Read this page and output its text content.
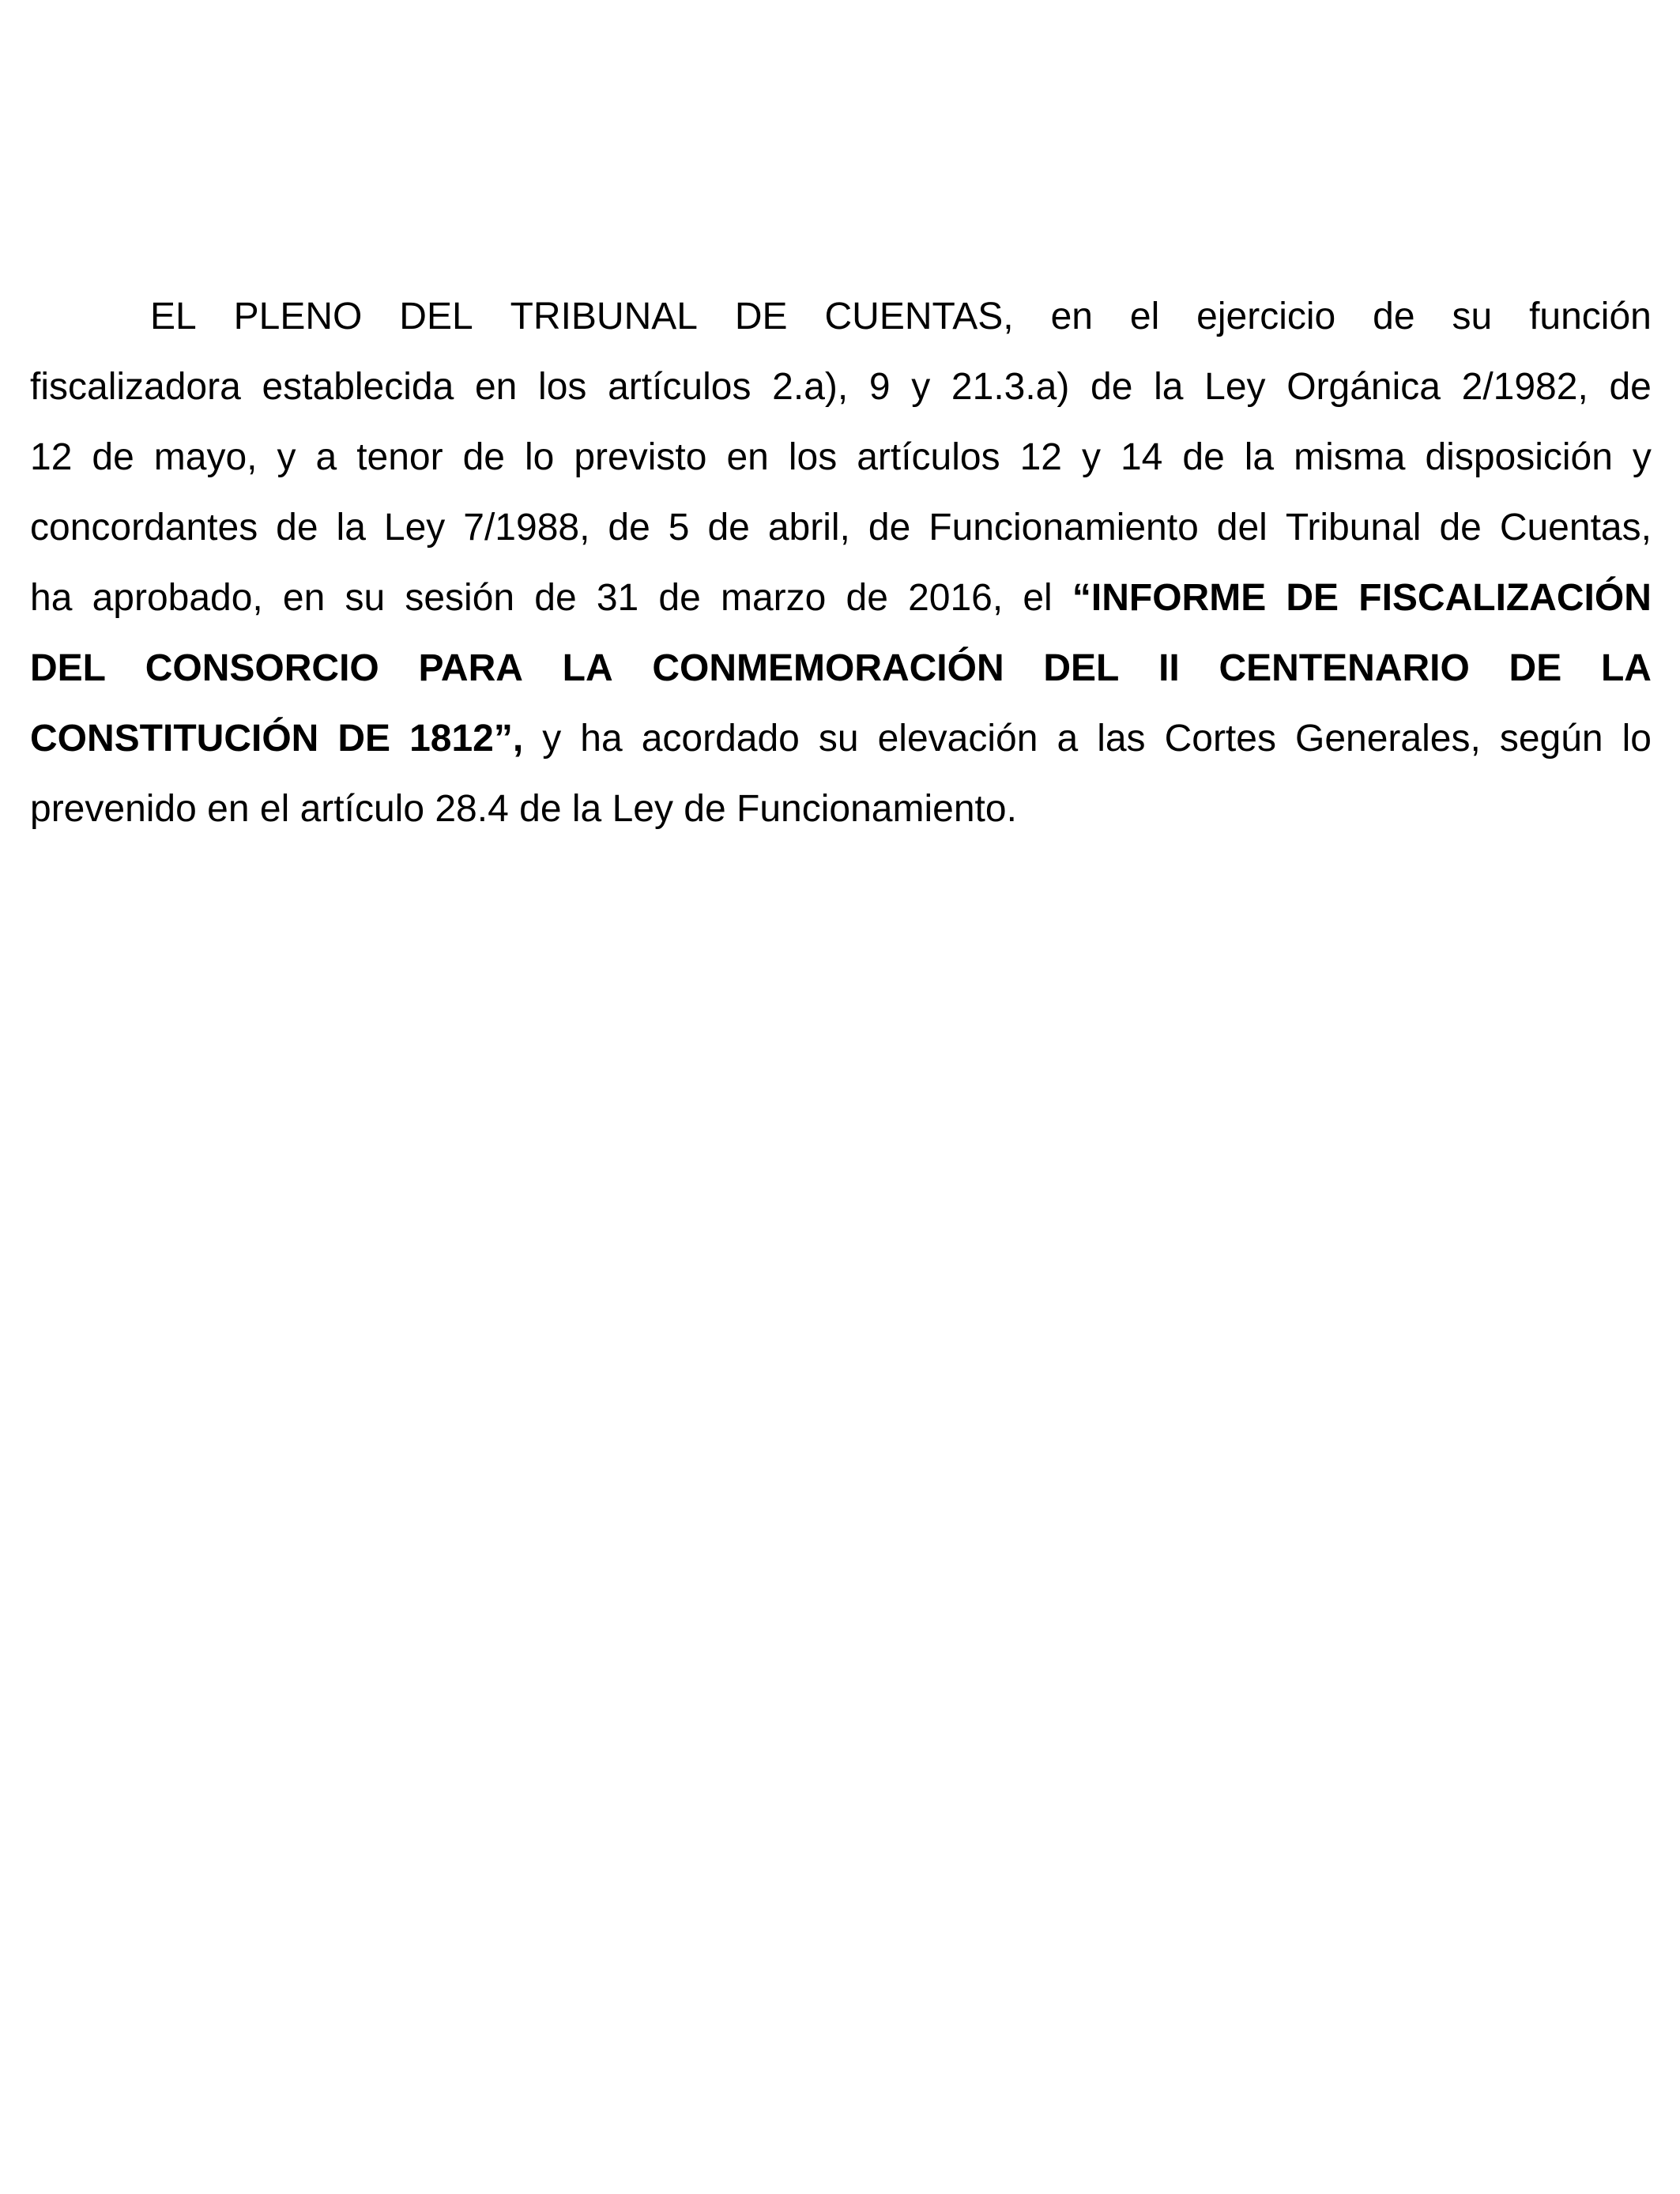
EL PLENO DEL TRIBUNAL DE CUENTAS, en el ejercicio de su función
fiscalizadora establecida en los artículos 2.a), 9 y 21.3.a) de la Ley Orgánica 2/1982, de
12 de mayo, y a tenor de lo previsto en los artículos 12 y 14 de la misma disposición y
concordantes de la Ley 7/1988, de 5 de abril, de Funcionamiento del Tribunal de Cuentas,
ha aprobado, en su sesión de 31 de marzo de 2016, el “INFORME DE FISCALIZACIÓN
DEL CONSORCIO PARA LA CONMEMORACIÓN DEL II CENTENARIO DE LA
CONSTITUCIÓN DE 1812”, y ha acordado su elevación a las Cortes Generales, según lo
prevenido
en
el
artículo
28.4
de
la
Ley
de
Funcionamiento.
